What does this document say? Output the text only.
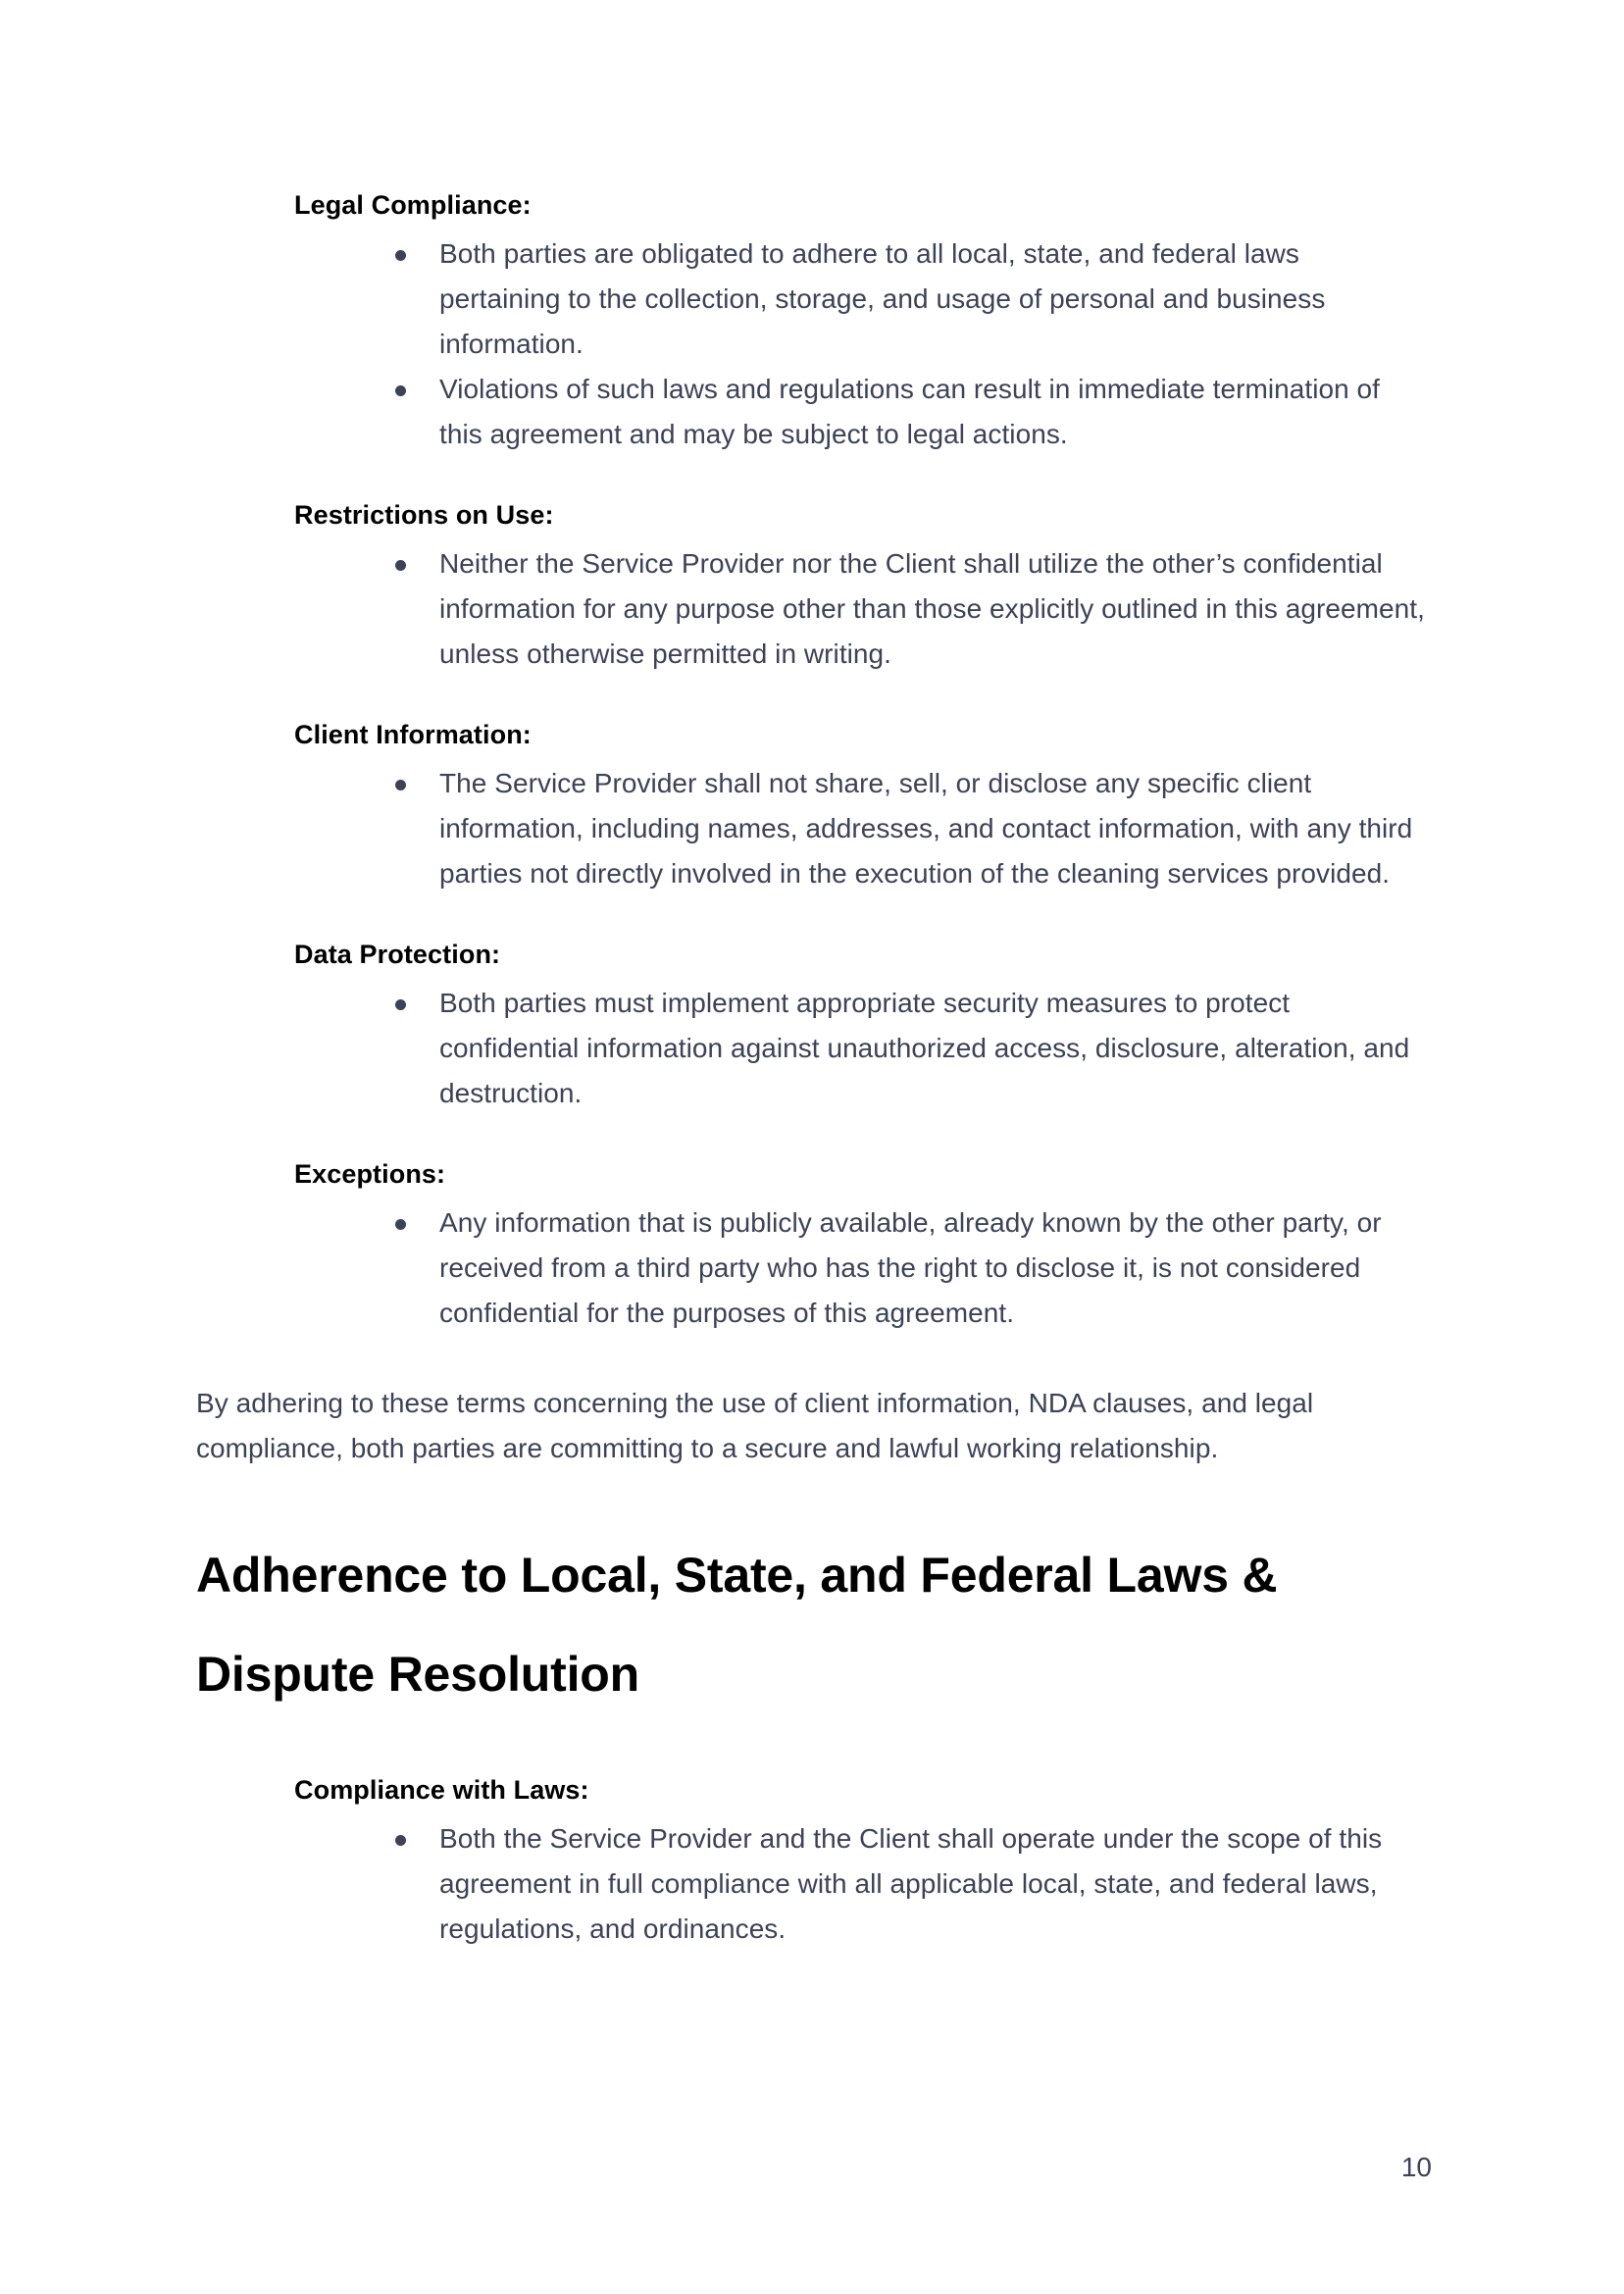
Legal Compliance:
Both parties are obligated to adhere to all local, state, and federal laws pertaining to the collection, storage, and usage of personal and business information.
Violations of such laws and regulations can result in immediate termination of this agreement and may be subject to legal actions.
Restrictions on Use:
Neither the Service Provider nor the Client shall utilize the other’s confidential information for any purpose other than those explicitly outlined in this agreement, unless otherwise permitted in writing.
Client Information:
The Service Provider shall not share, sell, or disclose any specific client information, including names, addresses, and contact information, with any third parties not directly involved in the execution of the cleaning services provided.
Data Protection:
Both parties must implement appropriate security measures to protect confidential information against unauthorized access, disclosure, alteration, and destruction.
Exceptions:
Any information that is publicly available, already known by the other party, or received from a third party who has the right to disclose it, is not considered confidential for the purposes of this agreement.

By adhering to these terms concerning the use of client information, NDA clauses, and legal compliance, both parties are committing to a secure and lawful working relationship.

Adherence to Local, State, and Federal Laws & Dispute Resolution
Compliance with Laws:
Both the Service Provider and the Client shall operate under the scope of this agreement in full compliance with all applicable local, state, and federal laws, regulations, and ordinances.
10
